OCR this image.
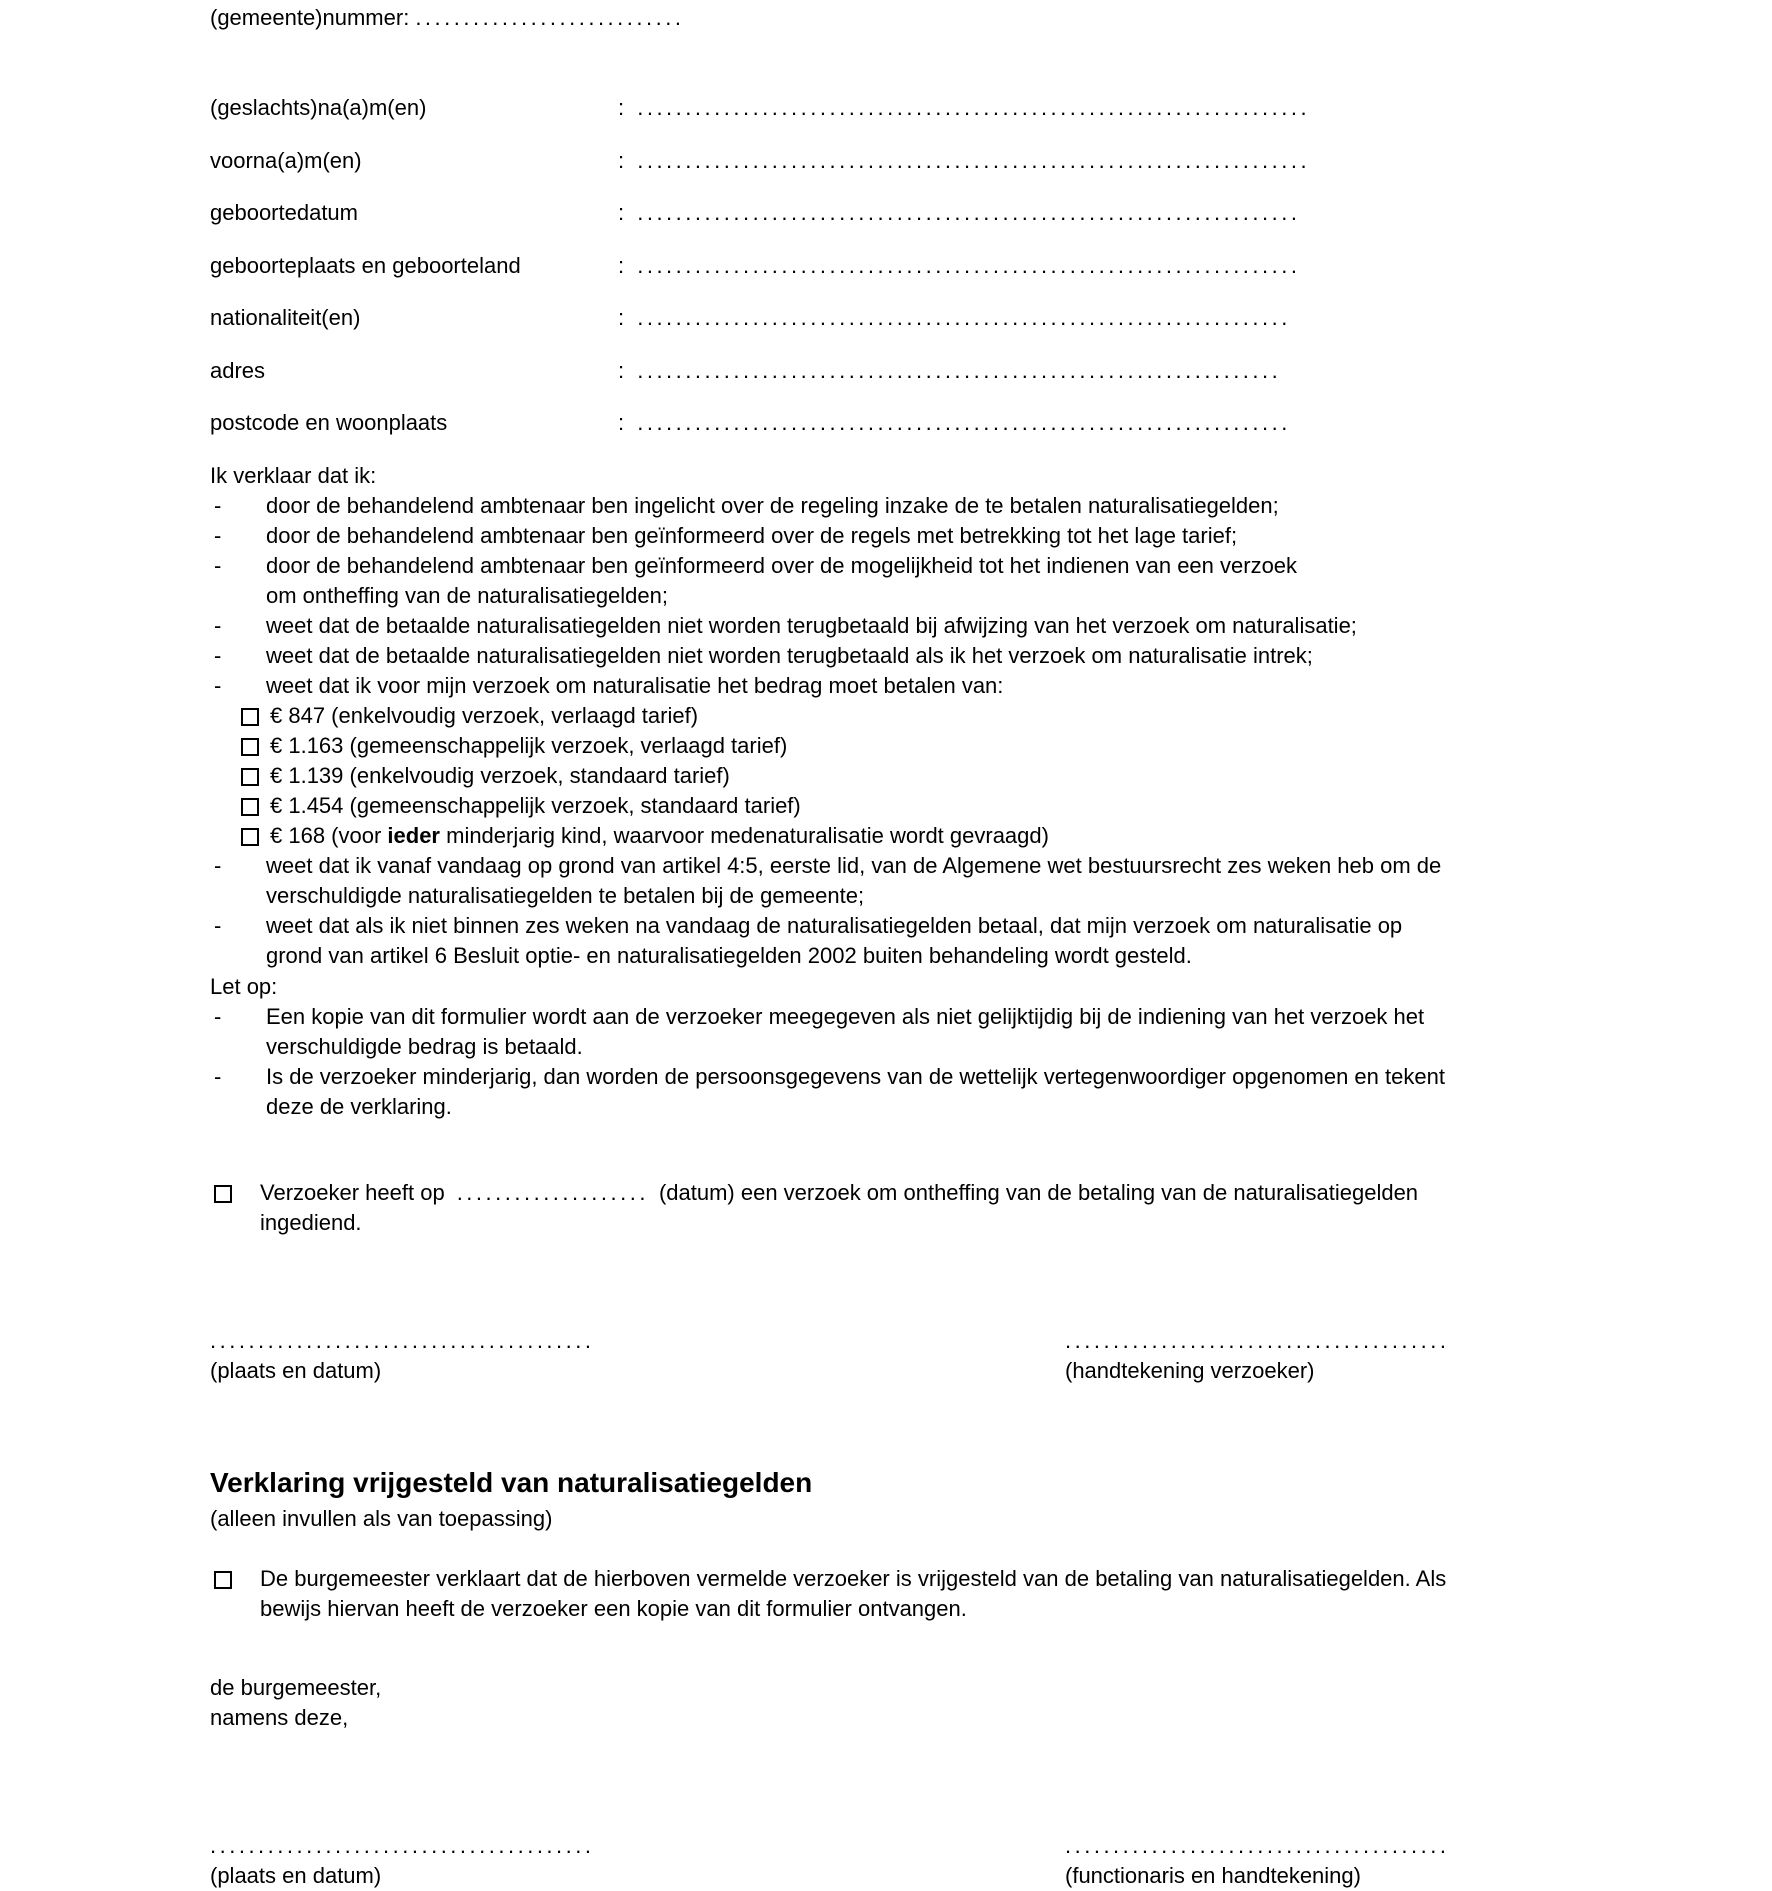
(gemeente)nummer: ............................
(geslachts)na(a)m(en)	: ......................................................................
voorna(a)m(en)	: ......................................................................
geboortedatum	: .....................................................................
geboorteplaats en geboorteland	: .....................................................................
nationaliteit(en)	: ....................................................................
adres	: ...................................................................
postcode en woonplaats	: ....................................................................
Ik verklaar dat ik:
-	door de behandelend ambtenaar ben ingelicht over de regeling inzake de te betalen naturalisatiegelden;
-	door de behandelend ambtenaar ben geïnformeerd over de regels met betrekking tot het lage tarief;
-	door de behandelend ambtenaar ben geïnformeerd over de mogelijkheid tot het indienen van een verzoek
om ontheffing van de naturalisatiegelden;
-	weet dat de betaalde naturalisatiegelden niet worden terugbetaald bij afwijzing van het verzoek om naturalisatie;
-	weet dat de betaalde naturalisatiegelden niet worden terugbetaald als ik het verzoek om naturalisatie intrek;
-	weet dat ik voor mijn verzoek om naturalisatie het bedrag moet betalen van:
€ 847 (enkelvoudig verzoek, verlaagd tarief)
€ 1.163 (gemeenschappelijk verzoek, verlaagd tarief)
€ 1.139 (enkelvoudig verzoek, standaard tarief)
€ 1.454 (gemeenschappelijk verzoek, standaard tarief)
€ 168 (voor ieder minderjarig kind, waarvoor medenaturalisatie wordt gevraagd)
-	weet dat ik vanaf vandaag op grond van artikel 4:5, eerste lid, van de Algemene wet bestuursrecht zes weken heb om de
verschuldigde naturalisatiegelden te betalen bij de gemeente;
-	weet dat als ik niet binnen zes weken na vandaag de naturalisatiegelden betaal, dat mijn verzoek om naturalisatie op
grond van artikel 6 Besluit optie- en naturalisatiegelden 2002 buiten behandeling wordt gesteld.
Let op:
-	Een kopie van dit formulier wordt aan de verzoeker meegegeven als niet gelijktijdig bij de indiening van het verzoek het
verschuldigde bedrag is betaald.
-	Is de verzoeker minderjarig, dan worden de persoonsgegevens van de wettelijk vertegenwoordiger opgenomen en tekent
deze de verklaring.
Verzoeker heeft op .................... (datum) een verzoek om ontheffing van de betaling van de naturalisatiegelden
ingediend.
........................................
(plaats en datum)
........................................
(handtekening verzoeker)
Verklaring vrijgesteld van naturalisatiegelden
(alleen invullen als van toepassing)
De burgemeester verklaart dat de hierboven vermelde verzoeker is vrijgesteld van de betaling van naturalisatiegelden. Als
bewijs hiervan heeft de verzoeker een kopie van dit formulier ontvangen.
de burgemeester,
namens deze,
........................................
(plaats en datum)
........................................
(functionaris en handtekening)
